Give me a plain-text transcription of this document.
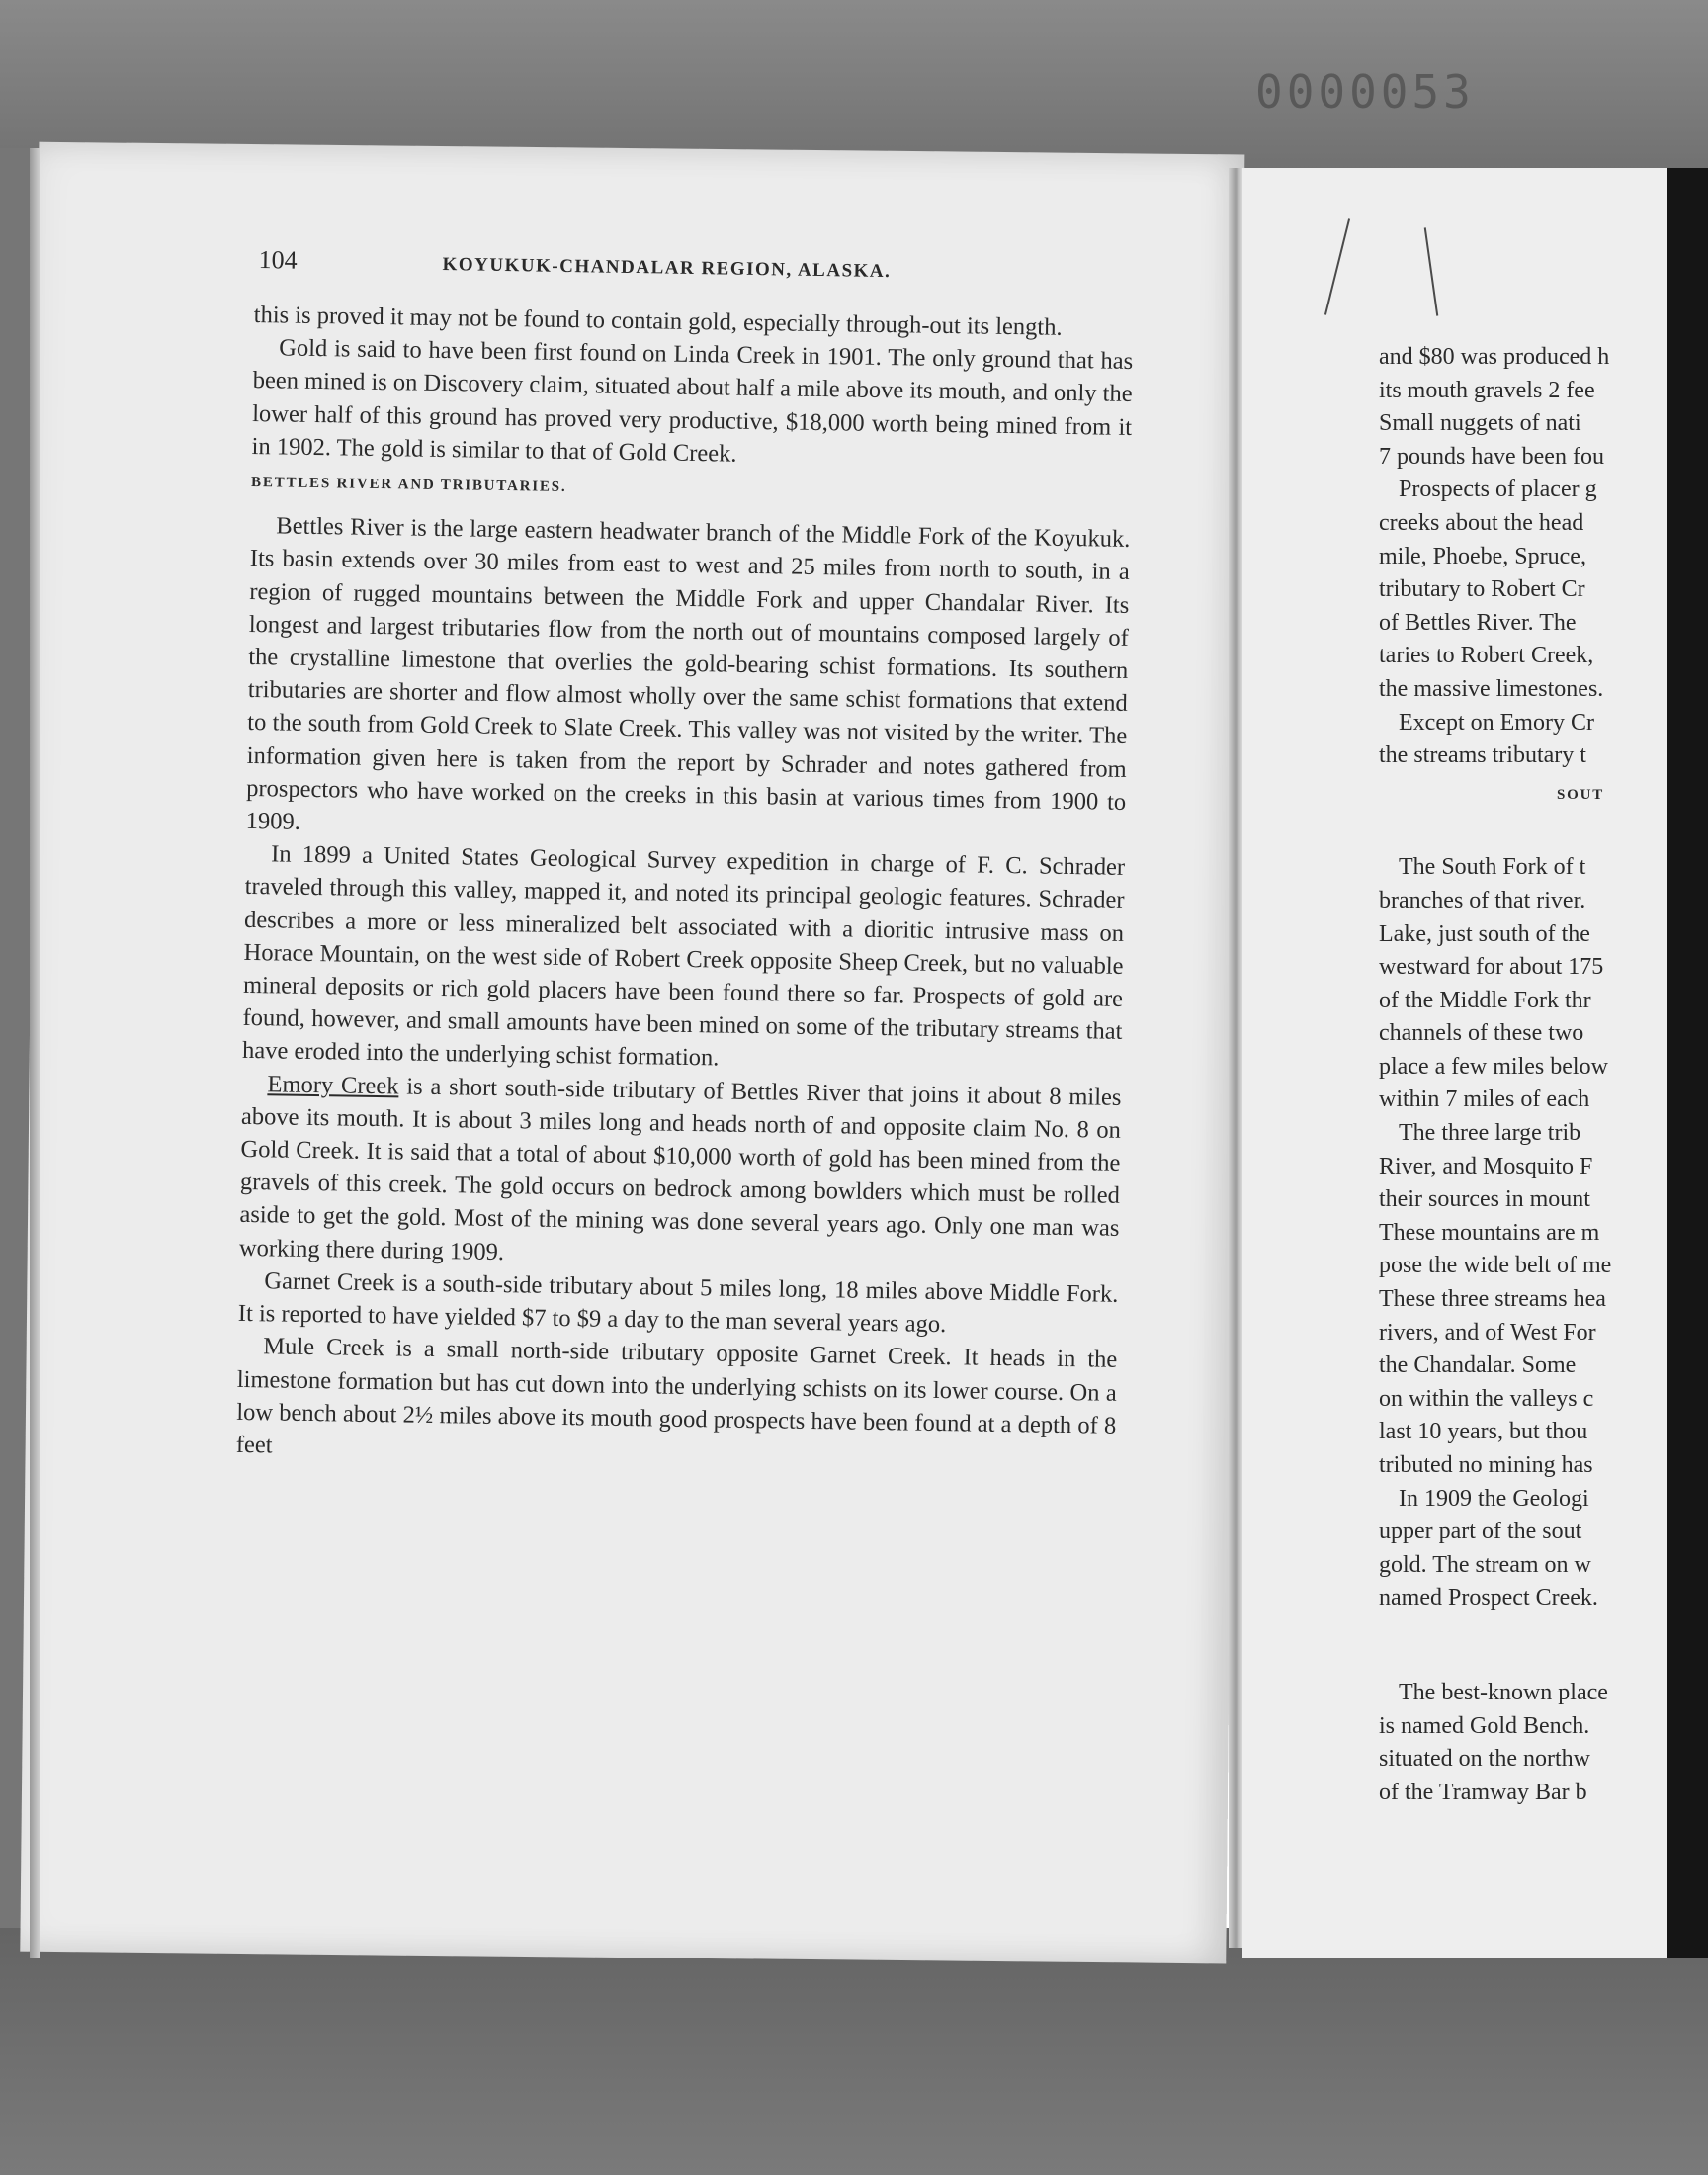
0000053
104	KOYUKUK-CHANDALAR REGION, ALASKA.

this is proved it may not be found to contain gold, especially through-out its length.

Gold is said to have been first found on Linda Creek in 1901. The only ground that has been mined is on Discovery claim, situated about half a mile above its mouth, and only the lower half of this ground has proved very productive, $18,000 worth being mined from it in 1902. The gold is similar to that of Gold Creek.

BETTLES RIVER AND TRIBUTARIES.

Bettles River is the large eastern headwater branch of the Middle Fork of the Koyukuk. Its basin extends over 30 miles from east to west and 25 miles from north to south, in a region of rugged mountains between the Middle Fork and upper Chandalar River. Its longest and largest tributaries flow from the north out of mountains composed largely of the crystalline limestone that overlies the gold-bearing schist formations. Its southern tributaries are shorter and flow almost wholly over the same schist formations that extend to the south from Gold Creek to Slate Creek. This valley was not visited by the writer. The information given here is taken from the report by Schrader and notes gathered from prospectors who have worked on the creeks in this basin at various times from 1900 to 1909.

In 1899 a United States Geological Survey expedition in charge of F. C. Schrader traveled through this valley, mapped it, and noted its principal geologic features. Schrader describes a more or less mineralized belt associated with a dioritic intrusive mass on Horace Mountain, on the west side of Robert Creek opposite Sheep Creek, but no valuable mineral deposits or rich gold placers have been found there so far. Prospects of gold are found, however, and small amounts have been mined on some of the tributary streams that have eroded into the underlying schist formation.

Emory Creek is a short south-side tributary of Bettles River that joins it about 8 miles above its mouth. It is about 3 miles long and heads north of and opposite claim No. 8 on Gold Creek. It is said that a total of about $10,000 worth of gold has been mined from the gravels of this creek. The gold occurs on bedrock among bowlders which must be rolled aside to get the gold. Most of the mining was done several years ago. Only one man was working there during 1909.

Garnet Creek is a south-side tributary about 5 miles long, 18 miles above Middle Fork. It is reported to have yielded $7 to $9 a day to the man several years ago.

Mule Creek is a small north-side tributary opposite Garnet Creek. It heads in the limestone formation but has cut down into the underlying schists on its lower course. On a low bench about 2½ miles above its mouth good prospects have been found at a depth of 8 feet

and $80 was produced h
its mouth gravels 2 fee
Small nuggets of nati
7 pounds have been fou
Prospects of placer g
creeks about the head
mile, Phoebe, Spruce,
tributary to Robert Cr
of Bettles River. The
taries to Robert Creek,
the massive limestones.
Except on Emory Cr
the streams tributary t
SOUT
The South Fork of t
branches of that river.
Lake, just south of the
westward for about 175
of the Middle Fork thr
channels of these two
place a few miles below
within 7 miles of each
The three large trib
River, and Mosquito F
their sources in mount
These mountains are m
pose the wide belt of me
These three streams hea
rivers, and of West For
the Chandalar. Some
on within the valleys c
last 10 years, but thou
tributed no mining has
In 1909 the Geologi
upper part of the sout
gold. The stream on w
named Prospect Creek.
The best-known place
is named Gold Bench.
situated on the northw
of the Tramway Bar b
